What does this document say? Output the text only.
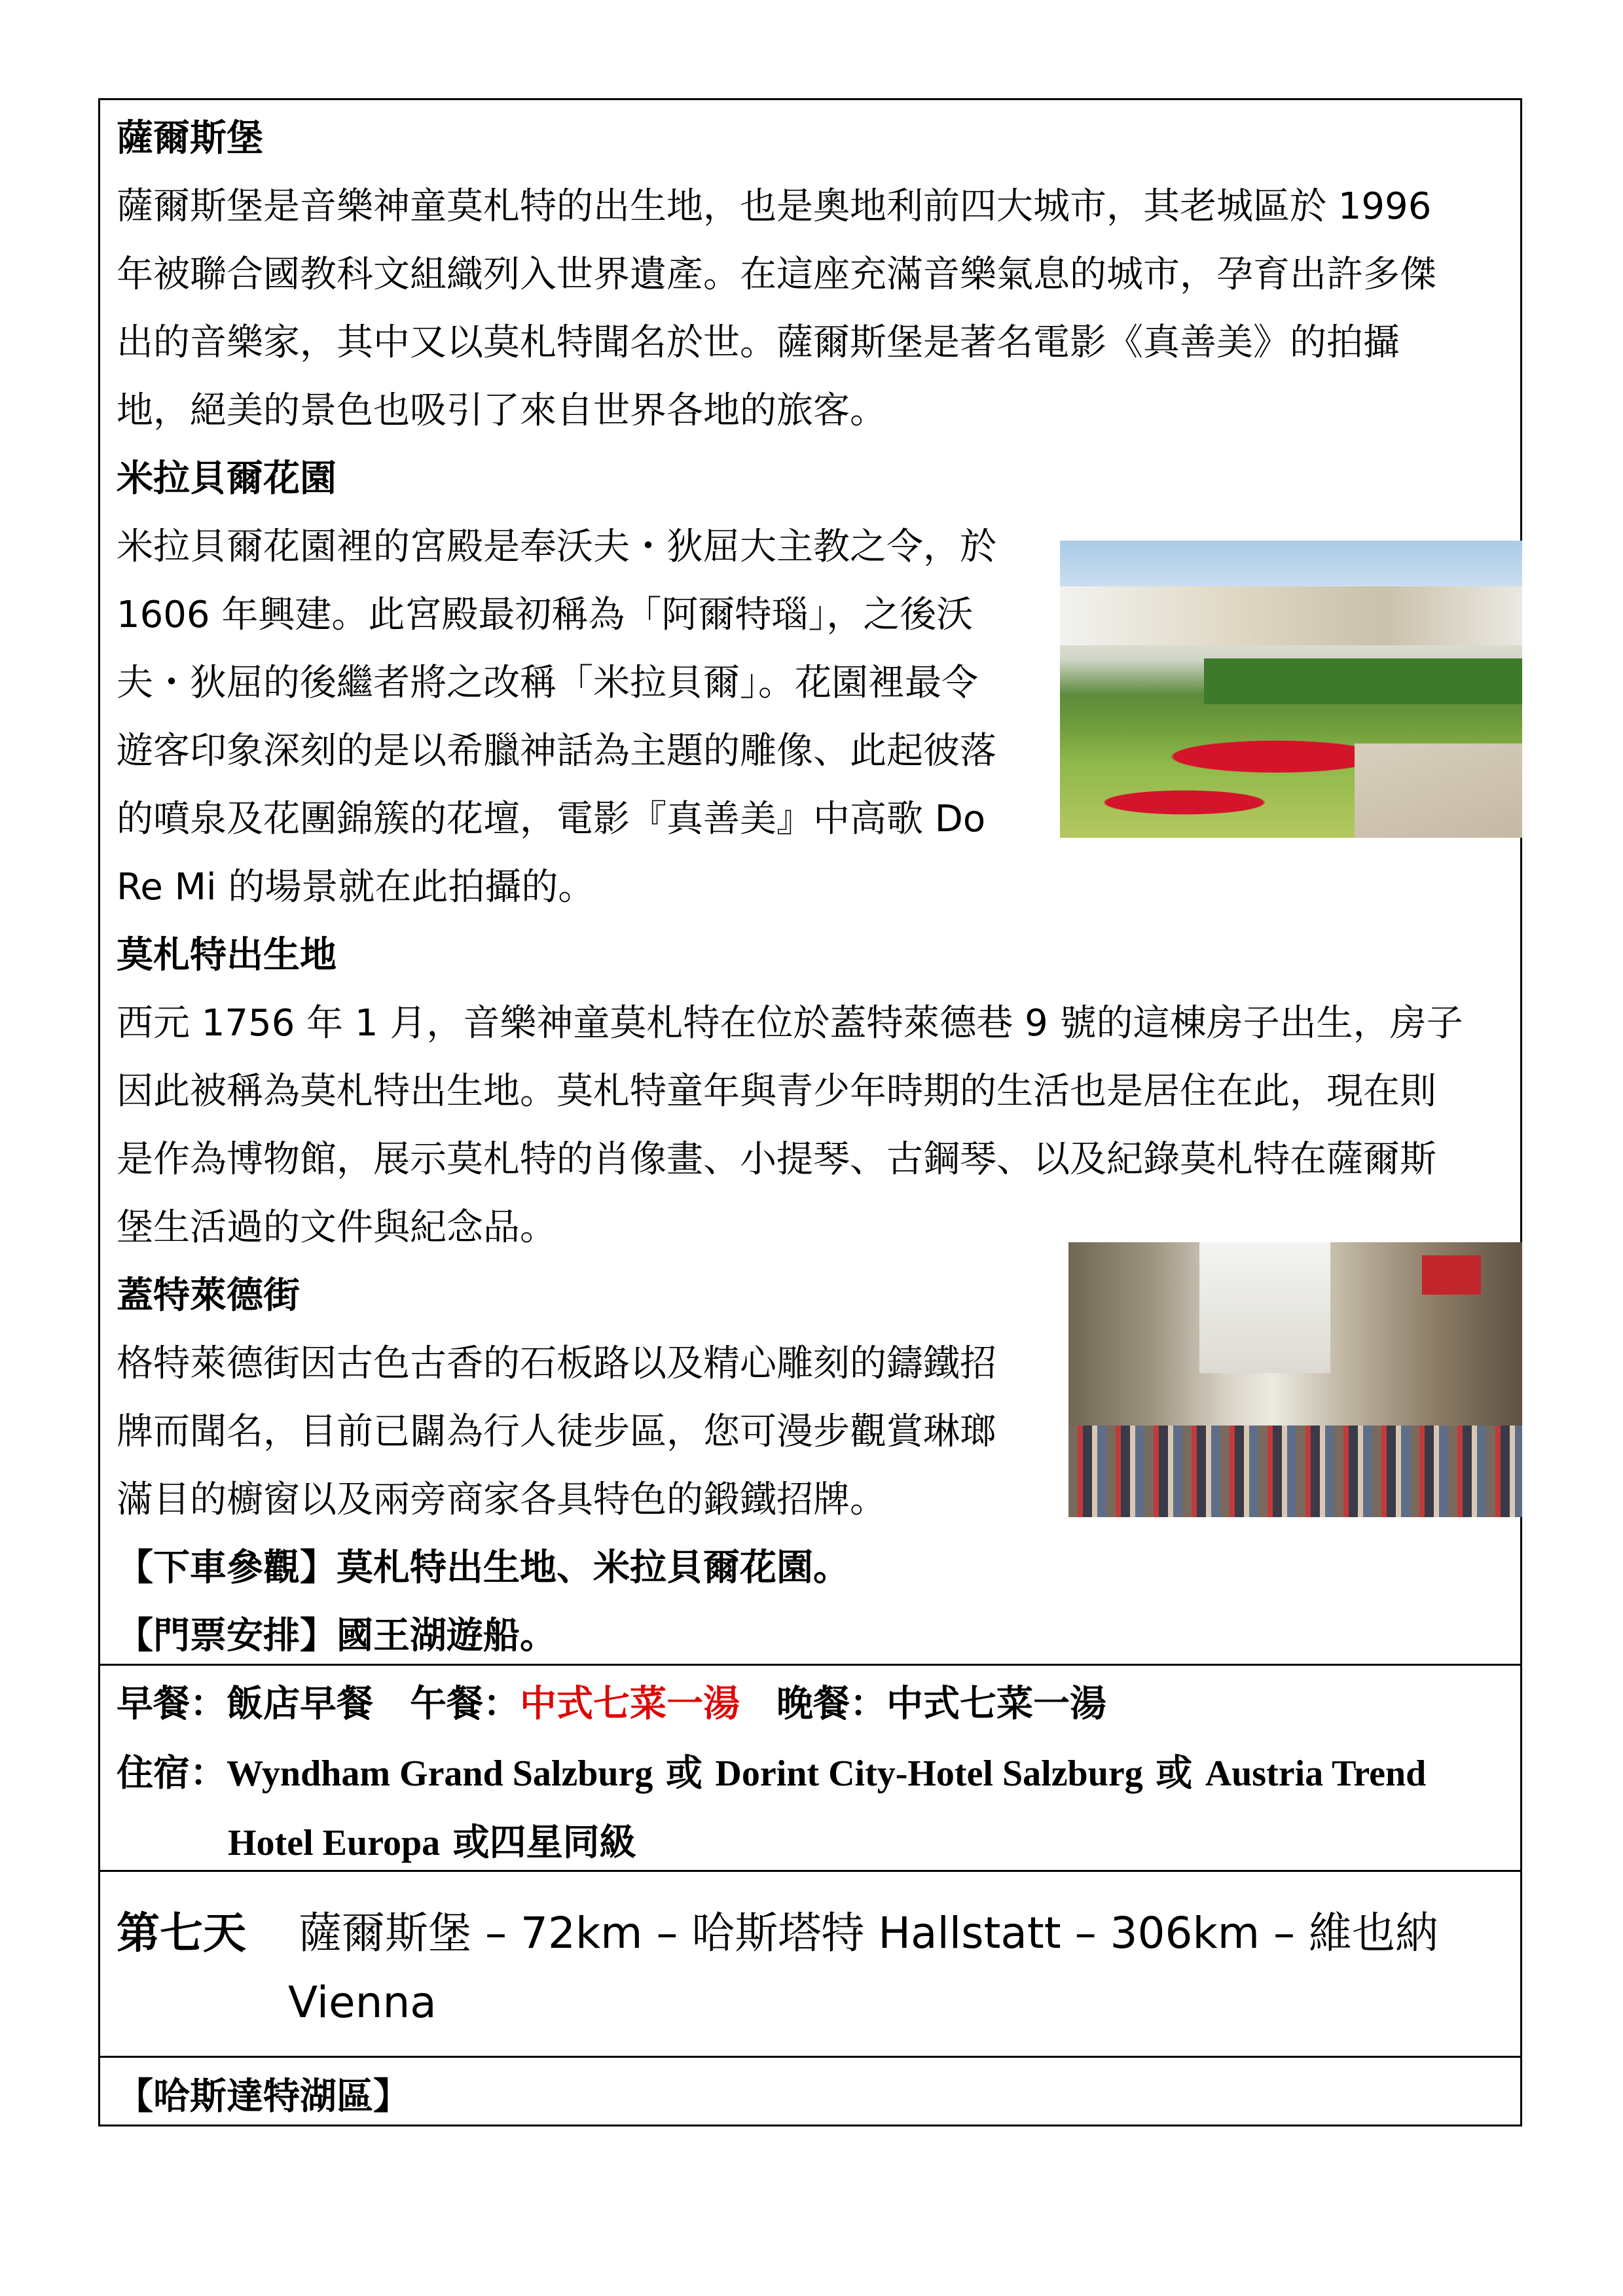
薩爾斯堡
薩爾斯堡是音樂神童莫札特的出生地，也是奧地利前四大城市，其老城區於 1996
年被聯合國教科文組織列入世界遺產。在這座充滿音樂氣息的城市，孕育出許多傑
出的音樂家，其中又以莫札特聞名於世。薩爾斯堡是著名電影《真善美》的拍攝
地，絕美的景色也吸引了來自世界各地的旅客。
米拉貝爾花園
米拉貝爾花園裡的宮殿是奉沃夫・狄屈大主教之令，於
1606 年興建。此宮殿最初稱為「阿爾特瑙」，之後沃
夫・狄屈的後繼者將之改稱「米拉貝爾」。花園裡最令
遊客印象深刻的是以希臘神話為主題的雕像、此起彼落
的噴泉及花團錦簇的花壇，電影『真善美』中高歌 Do
Re Mi 的場景就在此拍攝的。
莫札特出生地
西元 1756 年 1 月，音樂神童莫札特在位於蓋特萊德巷 9 號的這棟房子出生，房子
因此被稱為莫札特出生地。莫札特童年與青少年時期的生活也是居住在此，現在則
是作為博物館，展示莫札特的肖像畫、小提琴、古鋼琴、以及紀錄莫札特在薩爾斯
堡生活過的文件與紀念品。
蓋特萊德街
格特萊德街因古色古香的石板路以及精心雕刻的鑄鐵招
牌而聞名，目前已闢為行人徒步區，您可漫步觀賞琳瑯
滿目的櫥窗以及兩旁商家各具特色的鍛鐵招牌。
【下車參觀】莫札特出生地、米拉貝爾花園。
【門票安排】國王湖遊船。
早餐：飯店早餐 午餐：中式七菜一湯 晚餐：中式七菜一湯
住宿：Wyndham Grand Salzburg 或 Dorint City-Hotel Salzburg 或 Austria Trend
Hotel Europa 或四星同級
第七天 薩爾斯堡 – 72km – 哈斯塔特 Hallstatt – 306km – 維也納
Vienna
【哈斯達特湖區】
